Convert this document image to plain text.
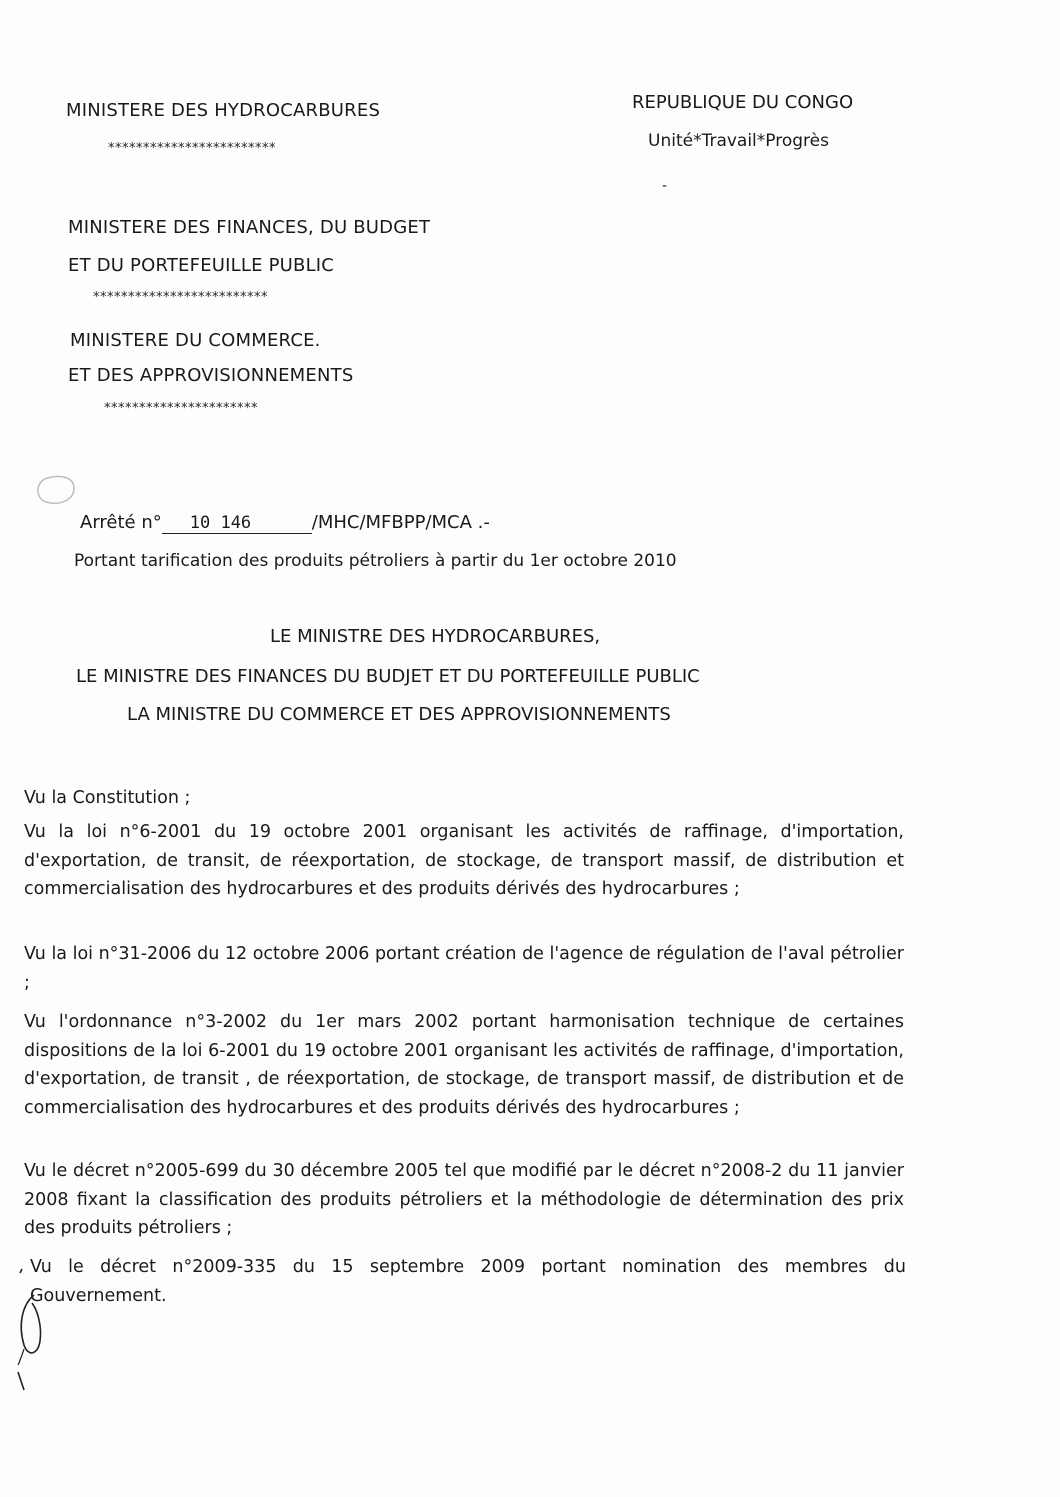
MINISTERE DES HYDROCARBURES
************************
MINISTERE DES FINANCES, DU BUDGET
ET DU PORTEFEUILLE PUBLIC
*************************
MINISTERE DU COMMERCE.
ET DES APPROVISIONNEMENTS
**********************
REPUBLIQUE DU CONGO
Unité*Travail*Progrès
-
Arrêté n° 10 146	/MHC/MFBPP/MCA .-
Portant tarification des produits pétroliers à partir du 1er octobre 2010
LE MINISTRE DES HYDROCARBURES,
LE MINISTRE DES FINANCES DU BUDJET ET DU PORTEFEUILLE PUBLIC
LA MINISTRE DU COMMERCE ET DES APPROVISIONNEMENTS
Vu la Constitution ;
Vu la loi n°6-2001 du 19 octobre 2001 organisant les activités de raffinage, d'importation, d'exportation, de transit, de réexportation, de stockage, de transport massif, de distribution et commercialisation des hydrocarbures et des produits dérivés des hydrocarbures ;
Vu la loi n°31-2006 du 12 octobre 2006 portant création de l'agence de régulation de l'aval pétrolier ;
Vu l'ordonnance n°3-2002 du 1er mars 2002 portant harmonisation technique de certaines dispositions de la loi 6-2001 du 19 octobre 2001 organisant les activités de raffinage, d'importation, d'exportation, de transit , de réexportation, de stockage, de transport massif, de distribution et de commercialisation des hydrocarbures et des produits dérivés des hydrocarbures ;
Vu le décret n°2005-699 du 30 décembre 2005 tel que modifié par le décret n°2008-2 du 11 janvier 2008 fixant la classification des produits pétroliers et la méthodologie de détermination des prix des produits pétroliers ;
Vu le décret n°2009-335 du 15 septembre 2009 portant nomination des membres du Gouvernement.
